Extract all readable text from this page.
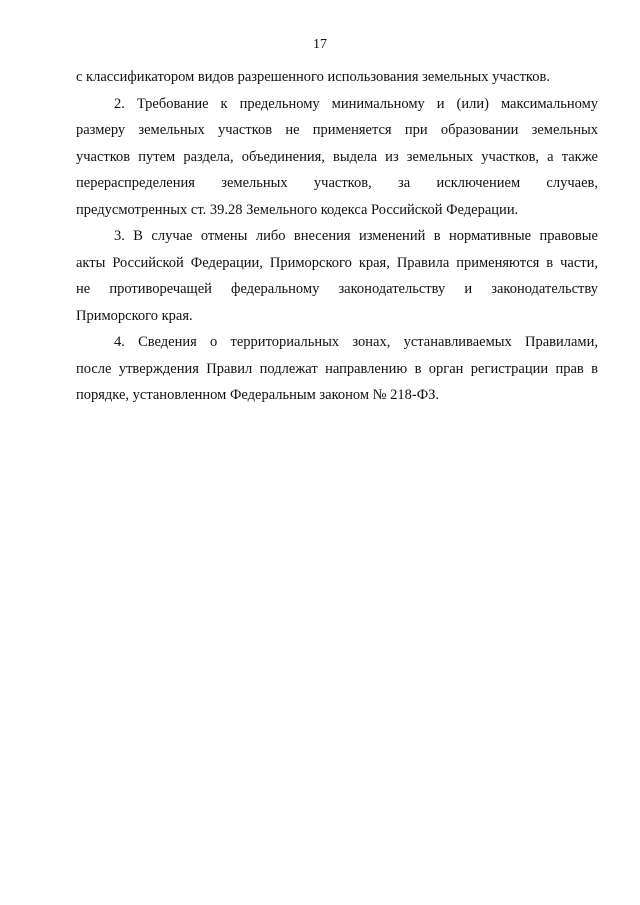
17
с классификатором видов разрешенного использования земельных участков.
2. Требование к предельному минимальному и (или) максимальному
размеру земельных участков не применяется при образовании земельных
участков путем раздела, объединения, выдела из земельных участков, а также
перераспределения земельных участков, за исключением случаев,
предусмотренных ст. 39.28 Земельного кодекса Российской Федерации.
3. В случае отмены либо внесения изменений в нормативные правовые
акты Российской Федерации, Приморского края, Правила применяются в части,
не противоречащей федеральному законодательству и законодательству
Приморского края.
4. Сведения о территориальных зонах, устанавливаемых Правилами,
после утверждения Правил подлежат направлению в орган регистрации прав в
порядке, установленном Федеральным законом № 218-ФЗ.
